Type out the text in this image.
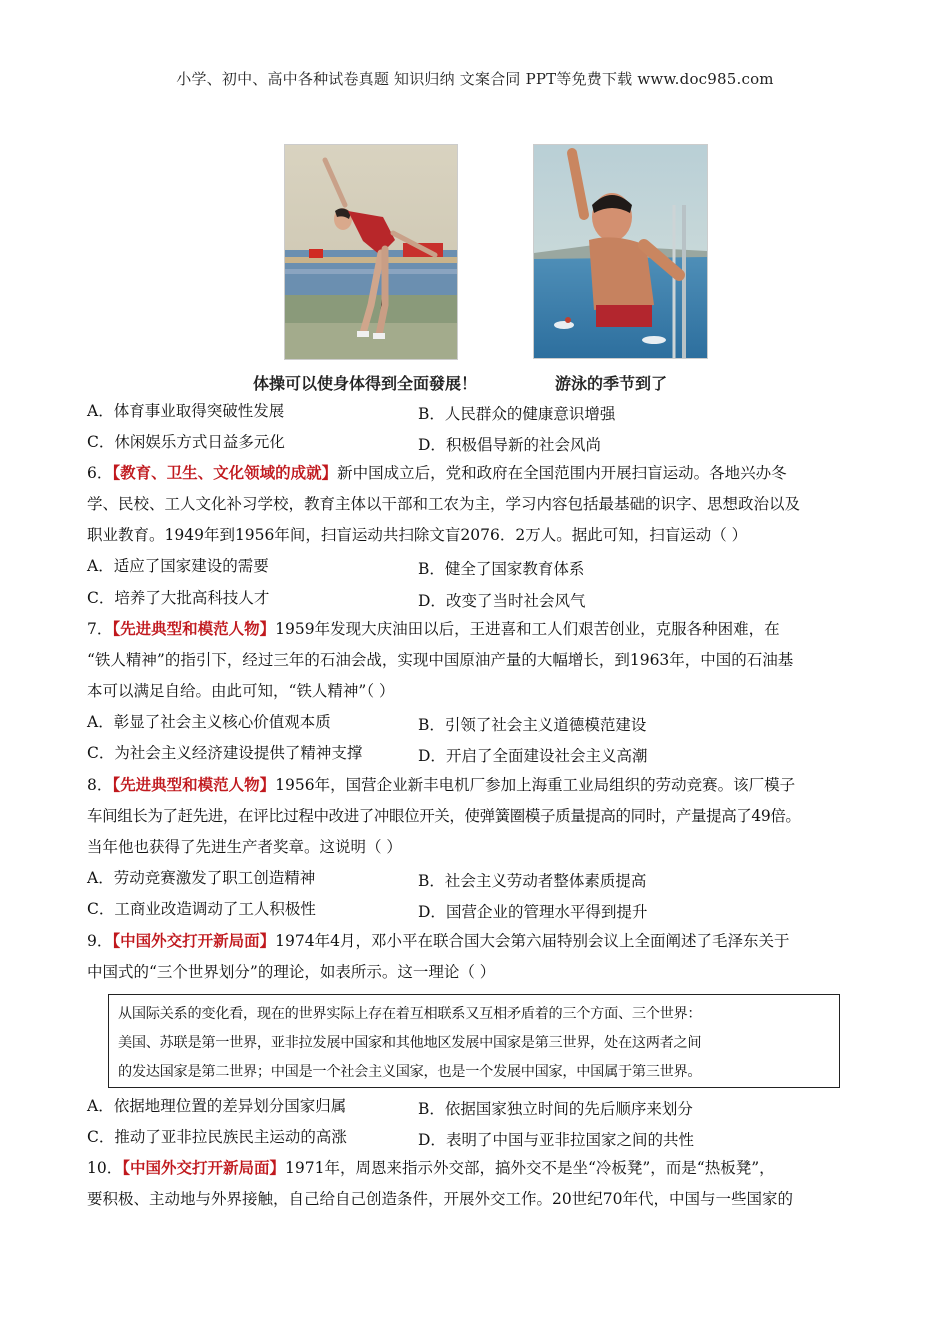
小学、初中、高中各种试卷真题 知识归纳 文案合同 PPT等免费下载 www.doc985.com
体操可以使身体得到全面發展！	游泳的季节到了
A．体育事业取得突破性发展	B．人民群众的健康意识增强
C．休闲娱乐方式日益多元化	D．积极倡导新的社会风尚
6．【教育、卫生、文化领域的成就】新中国成立后，党和政府在全国范围内开展扫盲运动。各地兴办冬
学、民校、工人文化补习学校，教育主体以干部和工农为主，学习内容包括最基础的识字、思想政治以及
职业教育。1949年到1956年间，扫盲运动共扫除文盲2076．2万人。据此可知，扫盲运动（ ）
A．适应了国家建设的需要	B．健全了国家教育体系
C．培养了大批高科技人才	D．改变了当时社会风气
7．【先进典型和模范人物】1959年发现大庆油田以后，王进喜和工人们艰苦创业，克服各种困难，在
“铁人精神”的指引下，经过三年的石油会战，实现中国原油产量的大幅增长，到1963年，中国的石油基
本可以满足自给。由此可知，“铁人精神”（ ）
A．彰显了社会主义核心价值观本质	B．引领了社会主义道德模范建设
C．为社会主义经济建设提供了精神支撑	D．开启了全面建设社会主义高潮
8．【先进典型和模范人物】1956年，国营企业新丰电机厂参加上海重工业局组织的劳动竞赛。该厂模子
车间组长为了赶先进，在评比过程中改进了冲眼位开关，使弹簧圈模子质量提高的同时，产量提高了49倍。
当年他也获得了先进生产者奖章。这说明（ ）
A．劳动竞赛激发了职工创造精神	B．社会主义劳动者整体素质提高
C．工商业改造调动了工人积极性	D．国营企业的管理水平得到提升
9．【中国外交打开新局面】1974年4月，邓小平在联合国大会第六届特别会议上全面阐述了毛泽东关于
中国式的“三个世界划分”的理论，如表所示。这一理论（ ）
从国际关系的变化看，现在的世界实际上存在着互相联系又互相矛盾着的三个方面、三个世界：
美国、苏联是第一世界，亚非拉发展中国家和其他地区发展中国家是第三世界，处在这两者之间
的发达国家是第二世界；中国是一个社会主义国家，也是一个发展中国家，中国属于第三世界。
A．依据地理位置的差异划分国家归属	B．依据国家独立时间的先后顺序来划分
C．推动了亚非拉民族民主运动的高涨	D．表明了中国与亚非拉国家之间的共性
10．【中国外交打开新局面】1971年，周恩来指示外交部，搞外交不是坐“冷板凳”，而是“热板凳”，
要积极、主动地与外界接触，自己给自己创造条件，开展外交工作。20世纪70年代，中国与一些国家的
